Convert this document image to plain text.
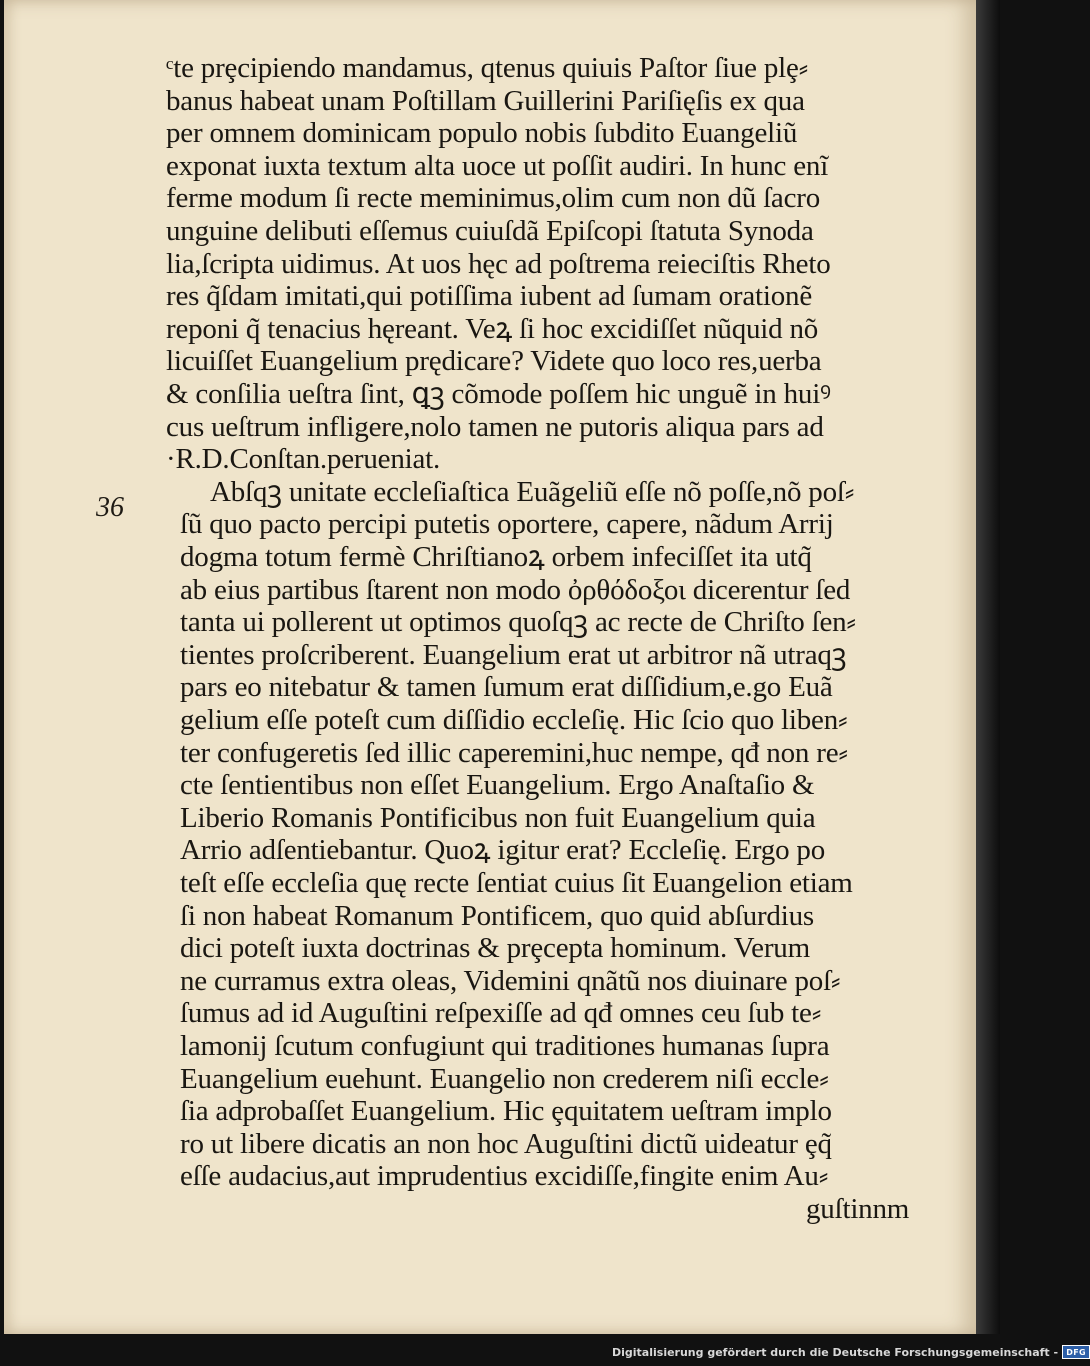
36
ᶜte prȩcipiendo mandamus, qtenus quiuis Paſtor ſiue plȩ⸗
banus habeat unam Poſtillam Guillerini Pariſięſis ex qua
per omnem dominicam populo nobis ſubdito Euangeliũ
exponat iuxta textum alta uoce ut poſſit audiri. In hunc enĩ
ferme modum ſi recte meminimus,olim cum non dũ ſacro
unguine delibuti eſſemus cuiuſdã Epiſcopi ſtatuta Synoda
lia,ſcripta uidimus. At uos hęc ad poſtrema reieciſtis Rheto
res q̃ſdam imitati,qui potiſſima iubent ad ſumam orationẽ
reponi q̃ tenacius hęreant. Veꝝ ſi hoc excidiſſet nũquid nõ
licuiſſet Euangelium prędicare? Videte quo loco res,uerba
& conſilia ueſtra ſint, ꝗꝫ cõmode poſſem hic unguẽ in huiꝰ
cus ueſtrum infligere,nolo tamen ne putoris aliqua pars ad
·R.D.Conſtan.perueniat.
Abſqꝫ unitate eccleſiaſtica Euãgeliũ eſſe nõ poſſe,nõ poſ⸗
ſũ quo pacto percipi putetis oportere, capere, nãdum Arrij
dogma totum fermè Chriſtianoꝝ orbem infeciſſet ita utq̃
ab eius partibus ſtarent non modo ὀρθόδοξοι dicerentur ſed
tanta ui pollerent ut optimos quoſqꝫ ac recte de Chriſto ſen⸗
tientes proſcriberent. Euangelium erat ut arbitror nã utraqꝫ
pars eo nitebatur & tamen ſumum erat diſſidium,e.go Euã
gelium eſſe poteſt cum diſſidio eccleſię. Hic ſcio quo liben⸗
ter confugeretis ſed illic caperemini,huc nempe, qđ non re⸗
cte ſentientibus non eſſet Euangelium. Ergo Anaſtaſio &
Liberio Romanis Pontificibus non fuit Euangelium quia
Arrio adſentiebantur. Quoꝝ igitur erat? Eccleſię. Ergo po
teſt eſſe eccleſia quę recte ſentiat cuius ſit Euangelion etiam
ſi non habeat Romanum Pontificem, quo quid abſurdius
dici poteſt iuxta doctrinas & prȩcepta hominum. Verum
ne curramus extra oleas, Videmini qnãtũ nos diuinare poſ⸗
ſumus ad id Auguſtini reſpexiſſe ad qđ omnes ceu ſub te⸗
lamonij ſcutum confugiunt qui traditiones humanas ſupra
Euangelium euehunt. Euangelio non crederem niſi eccle⸗
ſia adprobaſſet Euangelium. Hic ȩquitatem ueſtram implo
ro ut libere dicatis an non hoc Auguſtini dictũ uideatur ȩq̃
eſſe audacius,aut imprudentius excidiſſe,fingite enim Au⸗
guſtinnm
Digitalisierung gefördert durch die Deutsche Forschungsgemeinschaft -	DFG
